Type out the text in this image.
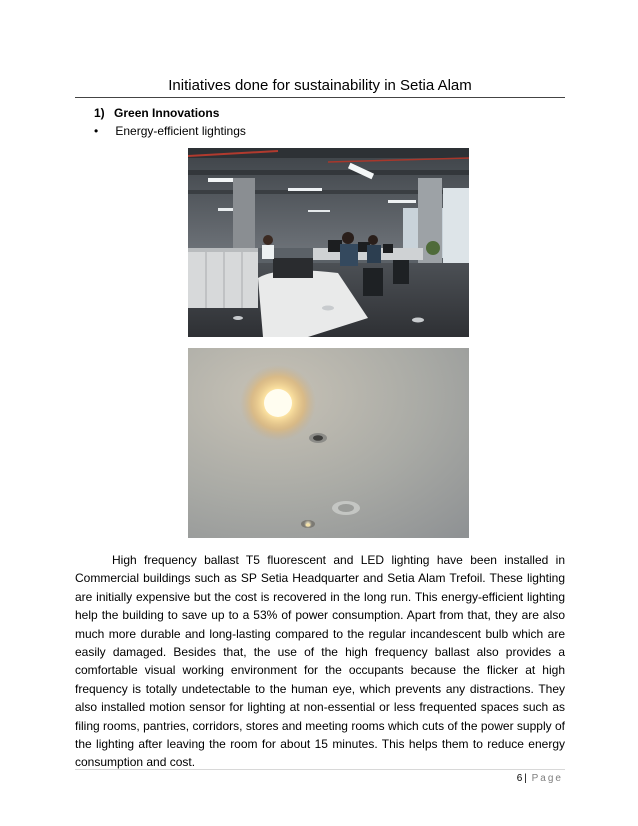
Initiatives done for sustainability in Setia Alam
1) Green Innovations
• Energy-efficient lightings
High frequency ballast T5 fluorescent and LED lighting have been installed in Commercial buildings such as SP Setia Headquarter and Setia Alam Trefoil. These lighting are initially expensive but the cost is recovered in the long run. This energy-efficient lighting help the building to save up to a 53% of power consumption. Apart from that, they are also much more durable and long-lasting compared to the regular incandescent bulb which are easily damaged. Besides that, the use of the high frequency ballast also provides a comfortable visual working environment for the occupants because the flicker at high frequency is totally undetectable to the human eye, which prevents any distractions. They also installed motion sensor for lighting at non-essential or less frequented spaces such as filing rooms, pantries, corridors, stores and meeting rooms which cuts of the power supply of the lighting after leaving the room for about 15 minutes. This helps them to reduce energy consumption and cost.
6 | Page
